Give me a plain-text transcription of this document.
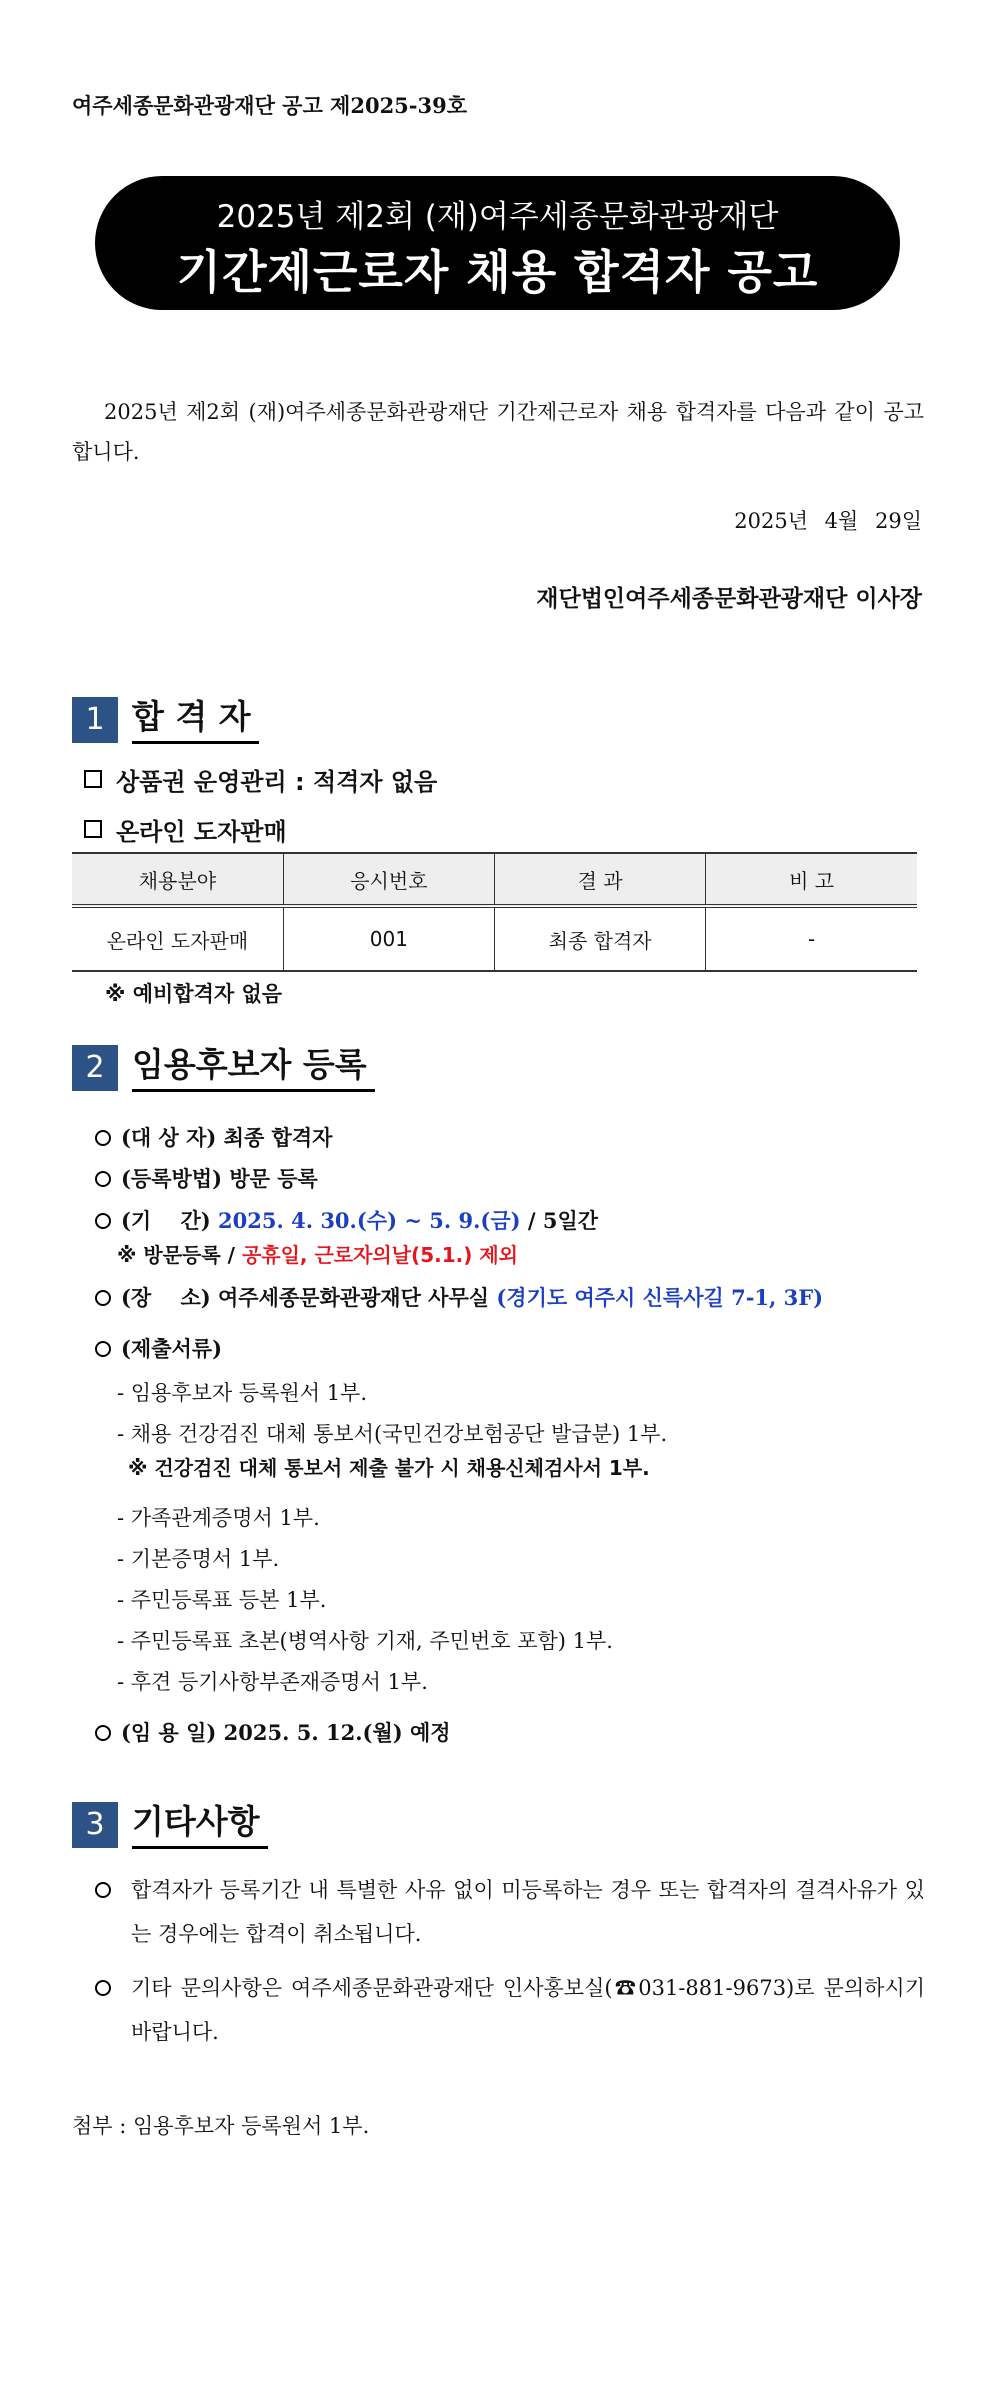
여주세종문화관광재단 공고 제2025-39호
2025년 제2회 (재)여주세종문화관광재단
기간제근로자 채용 합격자 공고
2025년 제2회 (재)여주세종문화관광재단 기간제근로자 채용 합격자를 다음과 같이 공고합니다.
2025년 4월 29일
재단법인여주세종문화관광재단 이사장
1 합 격 자
상품권 운영관리 : 적격자 없음
온라인 도자판매
채용분야	응시번호	결 과	비 고
온라인 도자판매	001	최종 합격자	-
※ 예비합격자 없음
2 임용후보자 등록
(대 상 자) 최종 합격자
(등록방법) 방문 등록
(기    간) 2025. 4. 30.(수) ~ 5. 9.(금) / 5일간
※ 방문등록 / 공휴일, 근로자의날(5.1.) 제외
(장    소) 여주세종문화관광재단 사무실 (경기도 여주시 신륵사길 7-1, 3F)
(제출서류)
- 임용후보자 등록원서 1부.
- 채용 건강검진 대체 통보서(국민건강보험공단 발급분) 1부.
※ 건강검진 대체 통보서 제출 불가 시 채용신체검사서 1부.
- 가족관계증명서 1부.
- 기본증명서 1부.
- 주민등록표 등본 1부.
- 주민등록표 초본(병역사항 기재, 주민번호 포함) 1부.
- 후견 등기사항부존재증명서 1부.
(임 용 일) 2025. 5. 12.(월) 예정
3 기타사항
합격자가 등록기간 내 특별한 사유 없이 미등록하는 경우 또는 합격자의 결격사유가 있는 경우에는 합격이 취소됩니다.
기타 문의사항은 여주세종문화관광재단 인사홍보실(☎031-881-9673)로 문의하시기 바랍니다.
첨부 : 임용후보자 등록원서 1부.
